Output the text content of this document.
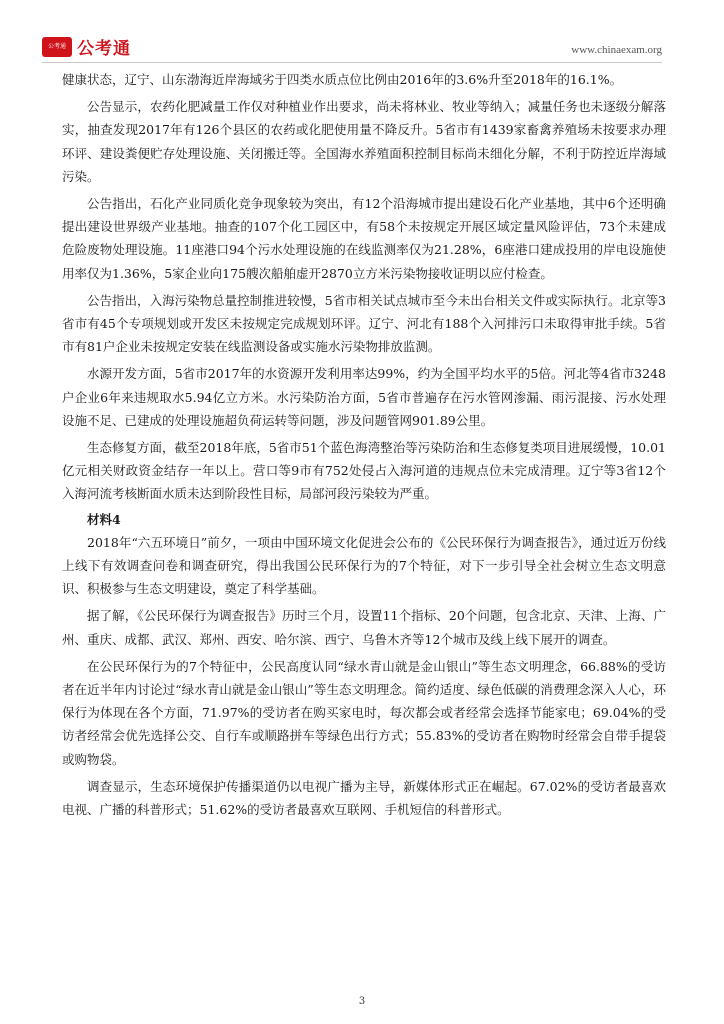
公考通 公考通	www.chinaexam.org

健康状态，辽宁、山东渤海近岸海域劣于四类水质点位比例由2016年的3.6%升至2018年的16.1%。

公告显示，农药化肥减量工作仅对种植业作出要求，尚未将林业、牧业等纳入；减量任务也未逐级分解落实，抽查发现2017年有126个县区的农药或化肥使用量不降反升。5省市有1439家畜禽养殖场未按要求办理环评、建设粪便贮存处理设施、关闭搬迁等。全国海水养殖面积控制目标尚未细化分解，不利于防控近岸海域污染。

公告指出，石化产业同质化竞争现象较为突出，有12个沿海城市提出建设石化产业基地，其中6个还明确提出建设世界级产业基地。抽查的107个化工园区中，有58个未按规定开展区域定量风险评估，73个未建成危险废物处理设施。11座港口94个污水处理设施的在线监测率仅为21.28%，6座港口建成投用的岸电设施使用率仅为1.36%，5家企业向175艘次船舶虚开2870立方米污染物接收证明以应付检查。

公告指出，入海污染物总量控制推进较慢，5省市相关试点城市至今未出台相关文件或实际执行。北京等3省市有45个专项规划或开发区未按规定完成规划环评。辽宁、河北有188个入河排污口未取得审批手续。5省市有81户企业未按规定安装在线监测设备或实施水污染物排放监测。

水源开发方面，5省市2017年的水资源开发利用率达99%，约为全国平均水平的5倍。河北等4省市3248户企业6年来违规取水5.94亿立方米。水污染防治方面，5省市普遍存在污水管网渗漏、雨污混接、污水处理设施不足、已建成的处理设施超负荷运转等问题，涉及问题管网901.89公里。

生态修复方面，截至2018年底，5省市51个蓝色海湾整治等污染防治和生态修复类项目进展缓慢，10.01亿元相关财政资金结存一年以上。营口等9市有752处侵占入海河道的违规点位未完成清理。辽宁等3省12个入海河流考核断面水质未达到阶段性目标，局部河段污染较为严重。

材料4

2018年“六五环境日”前夕，一项由中国环境文化促进会公布的《公民环保行为调查报告》，通过近万份线上线下有效调查问卷和调查研究，得出我国公民环保行为的7个特征，对下一步引导全社会树立生态文明意识、积极参与生态文明建设，奠定了科学基础。

据了解，《公民环保行为调查报告》历时三个月，设置11个指标、20个问题，包含北京、天津、上海、广州、重庆、成都、武汉、郑州、西安、哈尔滨、西宁、乌鲁木齐等12个城市及线上线下展开的调查。

在公民环保行为的7个特征中，公民高度认同“绿水青山就是金山银山”等生态文明理念，66.88%的受访者在近半年内讨论过“绿水青山就是金山银山”等生态文明理念。简约适度、绿色低碳的消费理念深入人心，环保行为体现在各个方面，71.97%的受访者在购买家电时，每次都会或者经常会选择节能家电；69.04%的受访者经常会优先选择公交、自行车或顺路拼车等绿色出行方式；55.83%的受访者在购物时经常会自带手提袋或购物袋。

调查显示，生态环境保护传播渠道仍以电视广播为主导，新媒体形式正在崛起。67.02%的受访者最喜欢电视、广播的科普形式；51.62%的受访者最喜欢互联网、手机短信的科普形式。

3
